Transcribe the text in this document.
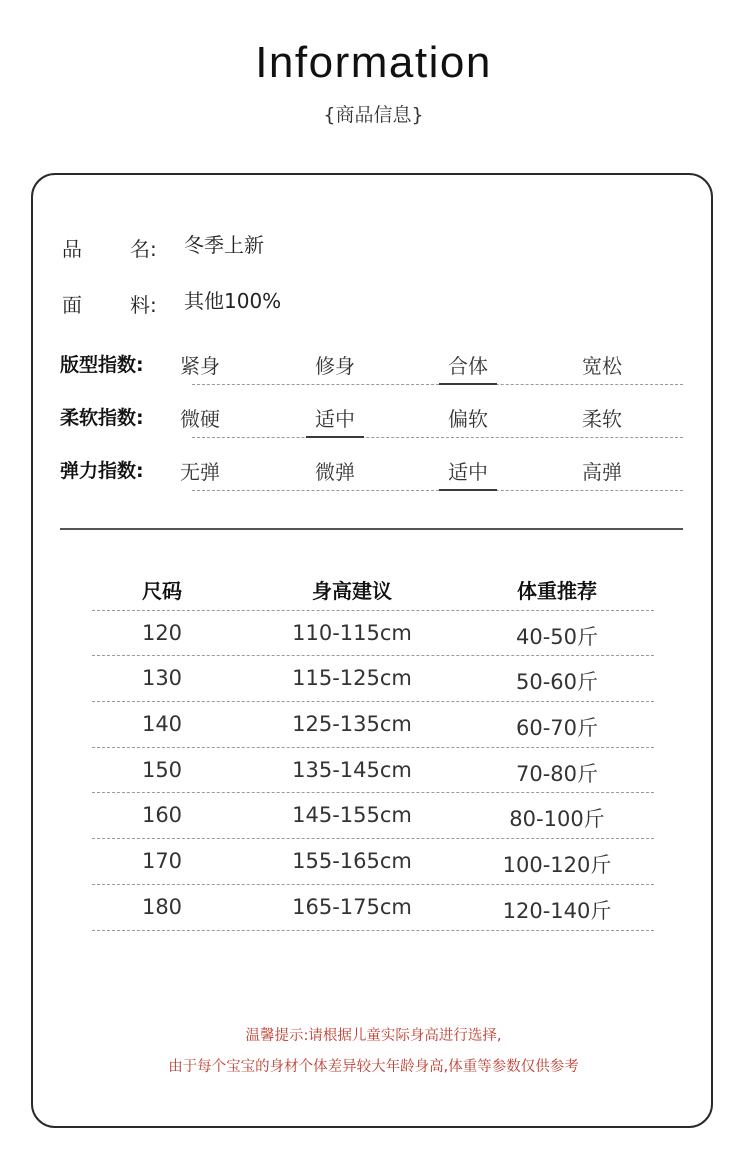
Information
{商品信息}
品 名: 冬季上新
面 料: 其他100%
版型指数:	紧身	修身	合体	宽松
柔软指数:	微硬	适中	偏软	柔软
弹力指数:	无弹	微弹	适中	高弹
尺码	身高建议	体重推荐
120	110-115cm	40-50斤
130	115-125cm	50-60斤
140	125-135cm	60-70斤
150	135-145cm	70-80斤
160	145-155cm	80-100斤
170	155-165cm	100-120斤
180	165-175cm	120-140斤
温馨提示:请根据儿童实际身高进行选择,
由于每个宝宝的身材个体差异较大年龄身高,体重等参数仅供参考
